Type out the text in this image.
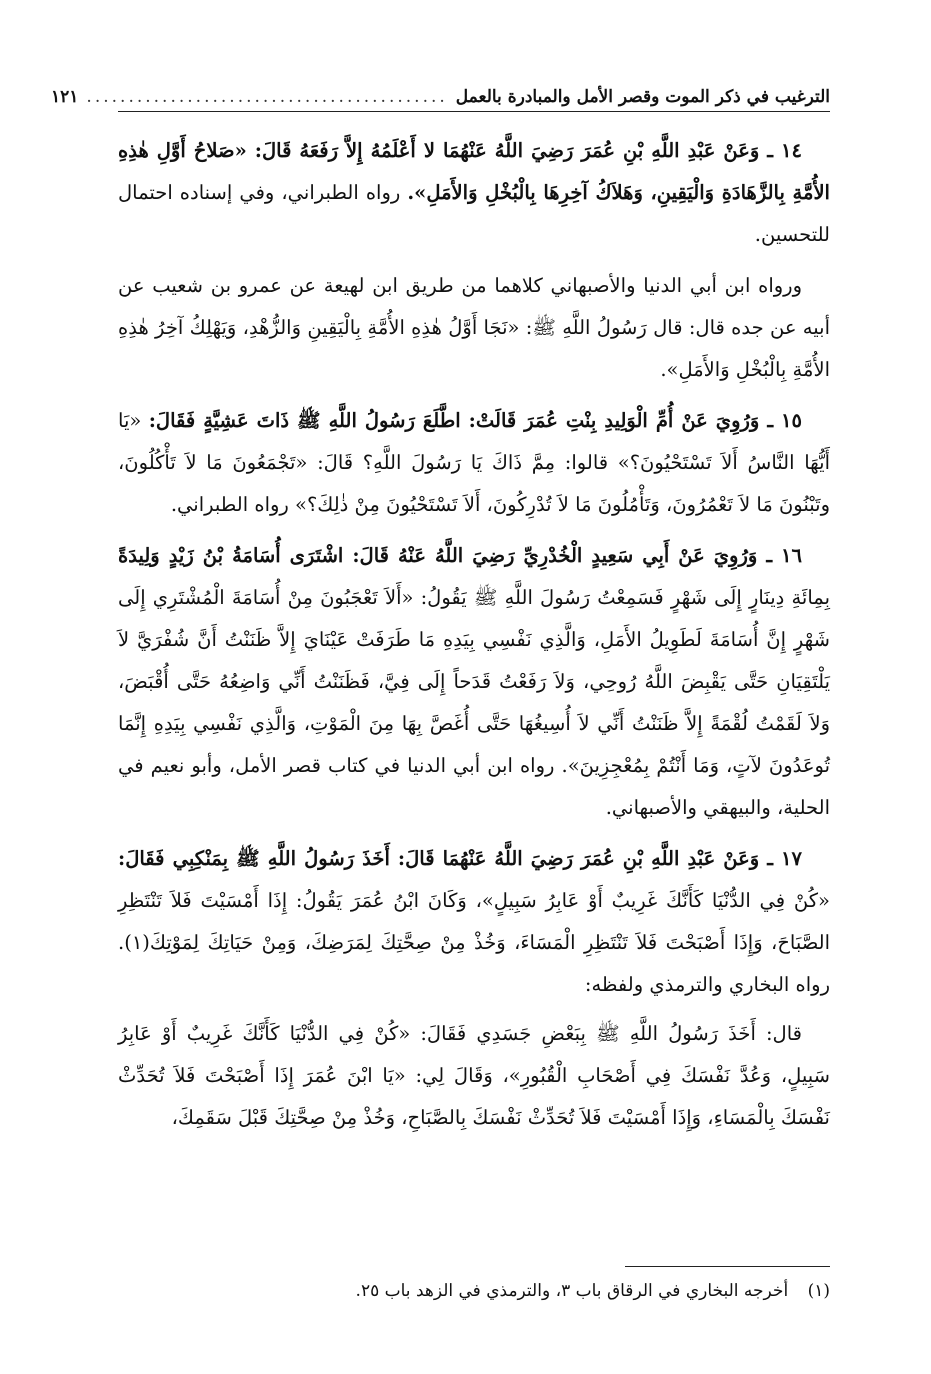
الترغيب في ذكر الموت وقصر الأمل والمبادرة بالعمل
...........................................
١٢١

١٤ ـ وَعَنْ عَبْدِ اللَّهِ بْنِ عُمَرَ رَضِيَ اللَّهُ عَنْهُمَا لا أَعْلَمُهُ إِلاَّ رَفَعَهُ قَالَ: «صَلاحُ أَوَّلِ هٰذِهِ الأُمَّةِ بِالزَّهَادَةِ وَالْيَقِينِ، وَهَلاَكُ آخِرِهَا بِالْبُخْلِ وَالأَمَلِ». رواه الطبراني، وفي إسناده احتمال للتحسين.

ورواه ابن أبي الدنيا والأصبهاني كلاهما من طريق ابن لهيعة عن عمرو بن شعيب عن أبيه عن جده قال: قال رَسُولُ اللَّهِ ﷺ: «نَجَا أَوَّلُ هٰذِهِ الأُمَّةِ بِالْيَقِينِ وَالزُّهْدِ، وَيَهْلِكُ آخِرُ هٰذِهِ الأُمَّةِ بِالْبُخْلِ وَالأَمَلِ».

١٥ ـ وَرُوِيَ عَنْ أُمِّ الْوَلِيدِ بِنْتِ عُمَرَ قَالَتْ: اطَّلَعَ رَسُولُ اللَّهِ ﷺ ذَاتَ عَشِيَّةٍ فَقَالَ: «يَا أَيُّهَا النَّاسُ أَلاَ تَسْتَحْيُونَ؟» قالوا: مِمَّ ذَاكَ يَا رَسُولَ اللَّهِ؟ قَالَ: «تَجْمَعُونَ مَا لاَ تَأْكُلُونَ، وتَبْنُونَ مَا لاَ تَعْمُرُونَ، وَتَأْمُلُونَ مَا لاَ تُدْرِكُونَ، أَلاَ تَسْتَحْيُونَ مِنْ ذٰلِكَ؟» رواه الطبراني.

١٦ ـ وَرُوِيَ عَنْ أَبِي سَعِيدٍ الْخُدْرِيِّ رَضِيَ اللَّهُ عَنْهُ قَالَ: اشْتَرَى أُسَامَةُ بْنُ زَيْدٍ وَلِيدَةً بِمِائَةِ دِينَارٍ إِلَى شَهْرٍ فَسَمِعْتُ رَسُولَ اللَّهِ ﷺ يَقُولُ: «أَلاَ تَعْجَبُونَ مِنْ أُسَامَةَ الْمُشْتَرِي إِلَى شَهْرٍ إِنَّ أُسَامَةَ لَطَوِيلُ الأَمَلِ، وَالَّذِي نَفْسِي بِيَدِهِ مَا طَرَفَتْ عَيْنَايَ إِلاَّ ظَنَنْتُ أَنَّ شُفْرَيَّ لاَ يَلْتَقِيَانِ حَتَّى يَقْبِضَ اللَّهُ رُوحِي، وَلاَ رَفَعْتُ قَدَحاً إِلَى فِيَّ، فَظَنَنْتُ أَنِّي وَاضِعُهُ حَتَّى أُقْبَضَ، وَلاَ لَقَمْتُ لُقْمَةً إِلاَّ ظَنَنْتُ أَنِّي لاَ أُسِيغُهَا حَتَّى أُغَصَّ بِهَا مِنَ الْمَوْتِ، وَالَّذِي نَفْسِي بِيَدِهِ إِنَّمَا تُوعَدُونَ لآتٍ، وَمَا أَنْتُمْ بِمُعْجِزِينَ». رواه ابن أبي الدنيا في كتاب قصر الأمل، وأبو نعيم في الحلية، والبيهقي والأصبهاني.

١٧ ـ وَعَنْ عَبْدِ اللَّهِ بْنِ عُمَرَ رَضِيَ اللَّهُ عَنْهُمَا قَالَ: أَخَذَ رَسُولُ اللَّهِ ﷺ بِمَنْكِبِي فَقَالَ: «كُنْ فِي الدُّنْيَا كَأَنَّكَ غَرِيبٌ أَوْ عَابِرُ سَبِيلٍ»، وَكَانَ ابْنُ عُمَرَ يَقُولُ: إِذَا أَمْسَيْتَ فَلاَ تَنْتَظِرِ الصَّبَاحَ، وَإِذَا أَصْبَحْتَ فَلاَ تَنْتَظِرِ الْمَسَاءَ، وَخُذْ مِنْ صِحَّتِكَ لِمَرَضِكَ، وَمِنْ حَيَاتِكَ لِمَوْتِكَ(١). رواه البخاري والترمذي ولفظه:

قال: أَخَذَ رَسُولُ اللَّهِ ﷺ بِبَعْضِ جَسَدِي فَقَالَ: «كُنْ فِي الدُّنْيَا كَأَنَّكَ غَرِيبٌ أَوْ عَابِرُ سَبِيلٍ، وَعُدَّ نَفْسَكَ فِي أَصْحَابِ الْقُبُورِ»، وَقَالَ لِي: «يَا ابْنَ عُمَرَ إِذَا أَصْبَحْتَ فَلاَ تُحَدِّثْ نَفْسَكَ بِالْمَسَاءِ، وَإِذَا أَمْسَيْتَ فَلاَ تُحَدِّثْ نَفْسَكَ بِالصَّبَاحِ، وَخُذْ مِنْ صِحَّتِكَ قَبْلَ سَقَمِكَ،

(١) أخرجه البخاري في الرقاق باب ٣، والترمذي في الزهد باب ٢٥.
